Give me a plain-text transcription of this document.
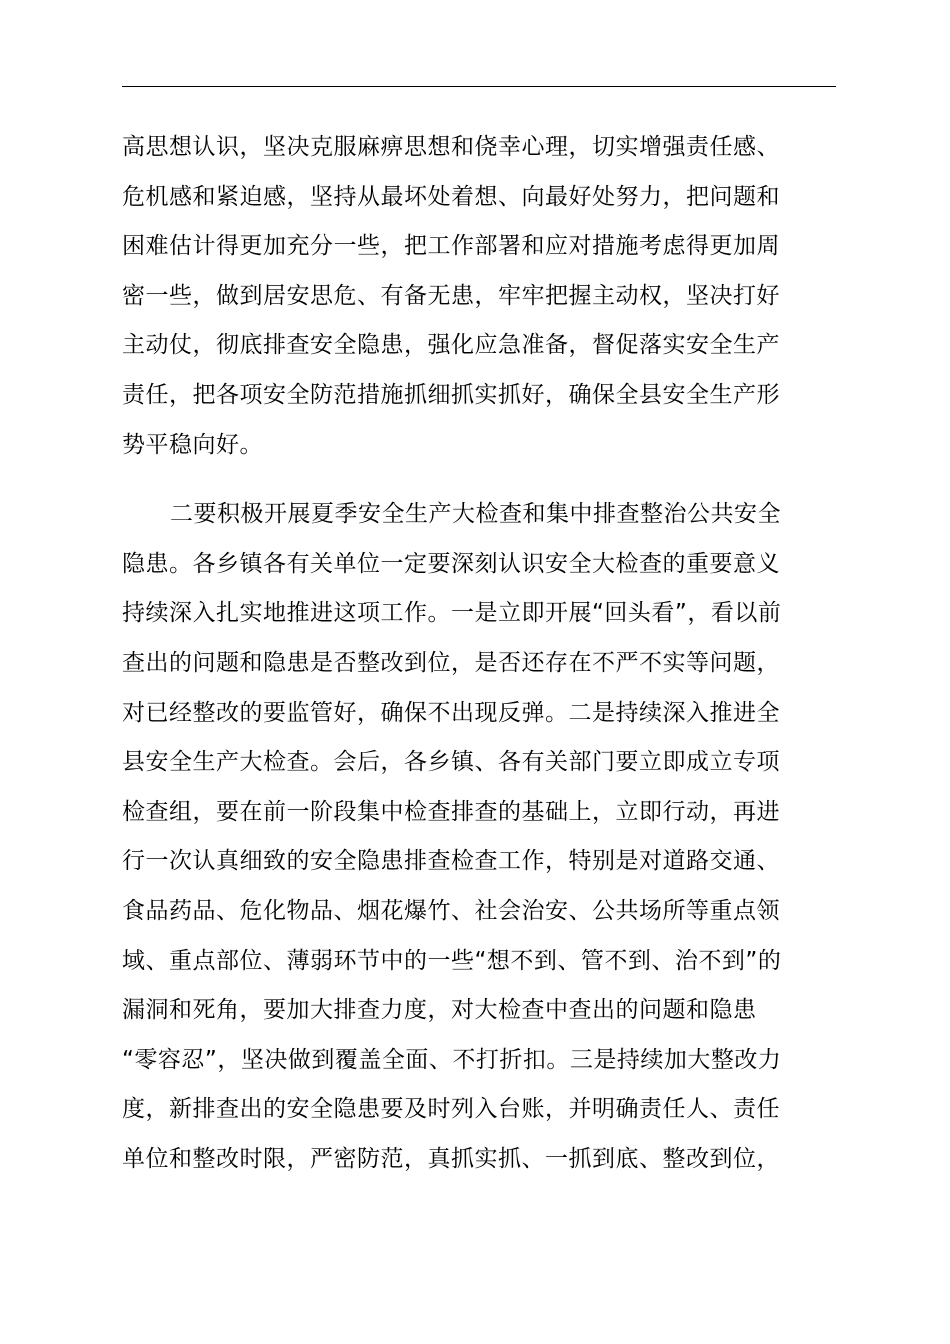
高思想认识，坚决克服麻痹思想和侥幸心理，切实增强责任感、
危机感和紧迫感，坚持从最坏处着想、向最好处努力，把问题和
困难估计得更加充分一些，把工作部署和应对措施考虑得更加周
密一些，做到居安思危、有备无患，牢牢把握主动权，坚决打好
主动仗，彻底排查安全隐患，强化应急准备，督促落实安全生产
责任，把各项安全防范措施抓细抓实抓好，确保全县安全生产形
势平稳向好。
二要积极开展夏季安全生产大检查和集中排查整治公共安全
隐患。各乡镇各有关单位一定要深刻认识安全大检查的重要意义
持续深入扎实地推进这项工作。一是立即开展“回头看”，看以前
查出的问题和隐患是否整改到位，是否还存在不严不实等问题，
对已经整改的要监管好，确保不出现反弹。二是持续深入推进全
县安全生产大检查。会后，各乡镇、各有关部门要立即成立专项
检查组，要在前一阶段集中检查排查的基础上，立即行动，再进
行一次认真细致的安全隐患排查检查工作，特别是对道路交通、
食品药品、危化物品、烟花爆竹、社会治安、公共场所等重点领
域、重点部位、薄弱环节中的一些“想不到、管不到、治不到”的
漏洞和死角，要加大排查力度，对大检查中查出的问题和隐患
“零容忍”，坚决做到覆盖全面、不打折扣。三是持续加大整改力
度，新排查出的安全隐患要及时列入台账，并明确责任人、责任
单位和整改时限，严密防范，真抓实抓、一抓到底、整改到位，
